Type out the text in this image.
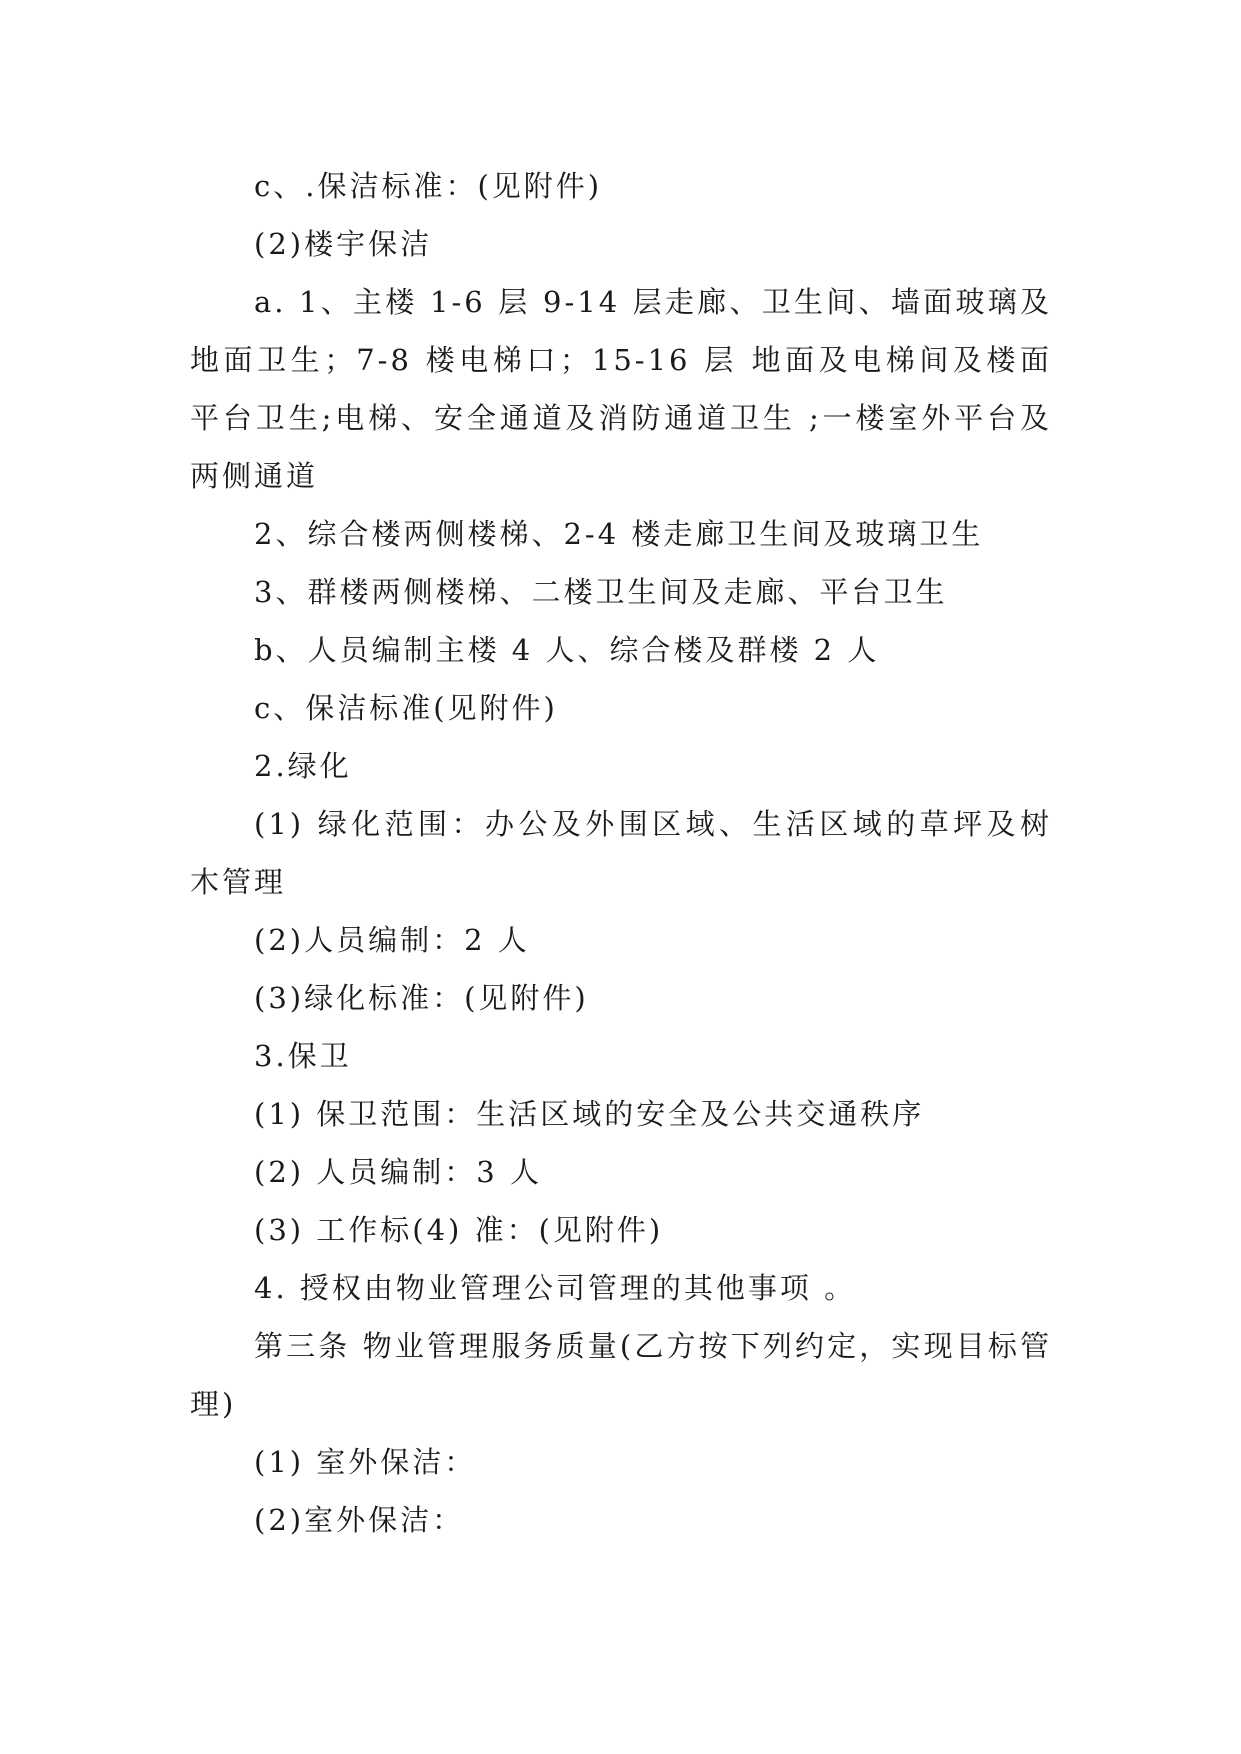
c、.保洁标准：(见附件)

(2)楼宇保洁

a. 1、主楼 1-6 层 9-14 层走廊、卫生间、墙面玻璃及地面卫生；7-8 楼电梯口；15-16 层 地面及电梯间及楼面平台卫生;电梯、安全通道及消防通道卫生 ;一楼室外平台及两侧通道

2、综合楼两侧楼梯、2-4 楼走廊卫生间及玻璃卫生

3、群楼两侧楼梯、二楼卫生间及走廊、平台卫生

b、人员编制主楼 4 人、综合楼及群楼 2 人

c、保洁标准(见附件)

2.绿化

(1) 绿化范围：办公及外围区域、生活区域的草坪及树木管理

(2)人员编制：2 人

(3)绿化标准：(见附件)

3.保卫

(1) 保卫范围：生活区域的安全及公共交通秩序

(2) 人员编制：3 人

(3) 工作标(4) 准：(见附件)

4. 授权由物业管理公司管理的其他事项 。

第三条 物业管理服务质量(乙方按下列约定，实现目标管理)

(1) 室外保洁：

(2)室外保洁：
